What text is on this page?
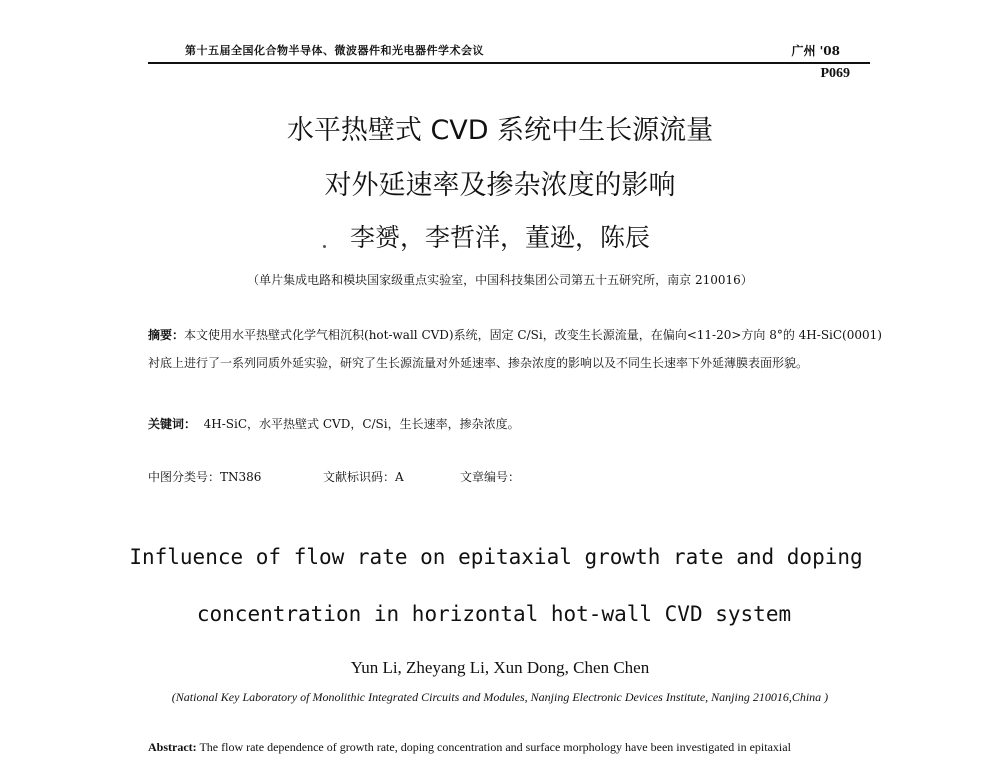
第十五届全国化合物半导体、微波器件和光电器件学术会议	广州 '08
P069
水平热壁式 CVD 系统中生长源流量
对外延速率及掺杂浓度的影响
李赟，李哲洋，董逊，陈辰
（单片集成电路和模块国家级重点实验室，中国科技集团公司第五十五研究所，南京 210016）
摘要：本文使用水平热壁式化学气相沉积(hot-wall CVD)系统，固定 C/Si，改变生长源流量，在偏向<11-20>方向 8°的 4H-SiC(0001)
衬底上进行了一系列同质外延实验，研究了生长源流量对外延速率、掺杂浓度的影响以及不同生长速率下外延薄膜表面形貌。
关键词： 4H-SiC，水平热壁式 CVD，C/Si，生长速率，掺杂浓度。
中图分类号：TN386	文献标识码：A	文章编号：
Influence of flow rate on epitaxial growth rate and doping
concentration in horizontal hot-wall CVD system
Yun Li, Zheyang Li, Xun Dong, Chen Chen
(National Key Laboratory of Monolithic Integrated Circuits and Modules, Nanjing Electronic Devices Institute, Nanjing 210016,China )
Abstract: The flow rate dependence of growth rate, doping concentration and surface morphology have been investigated in epitaxial
